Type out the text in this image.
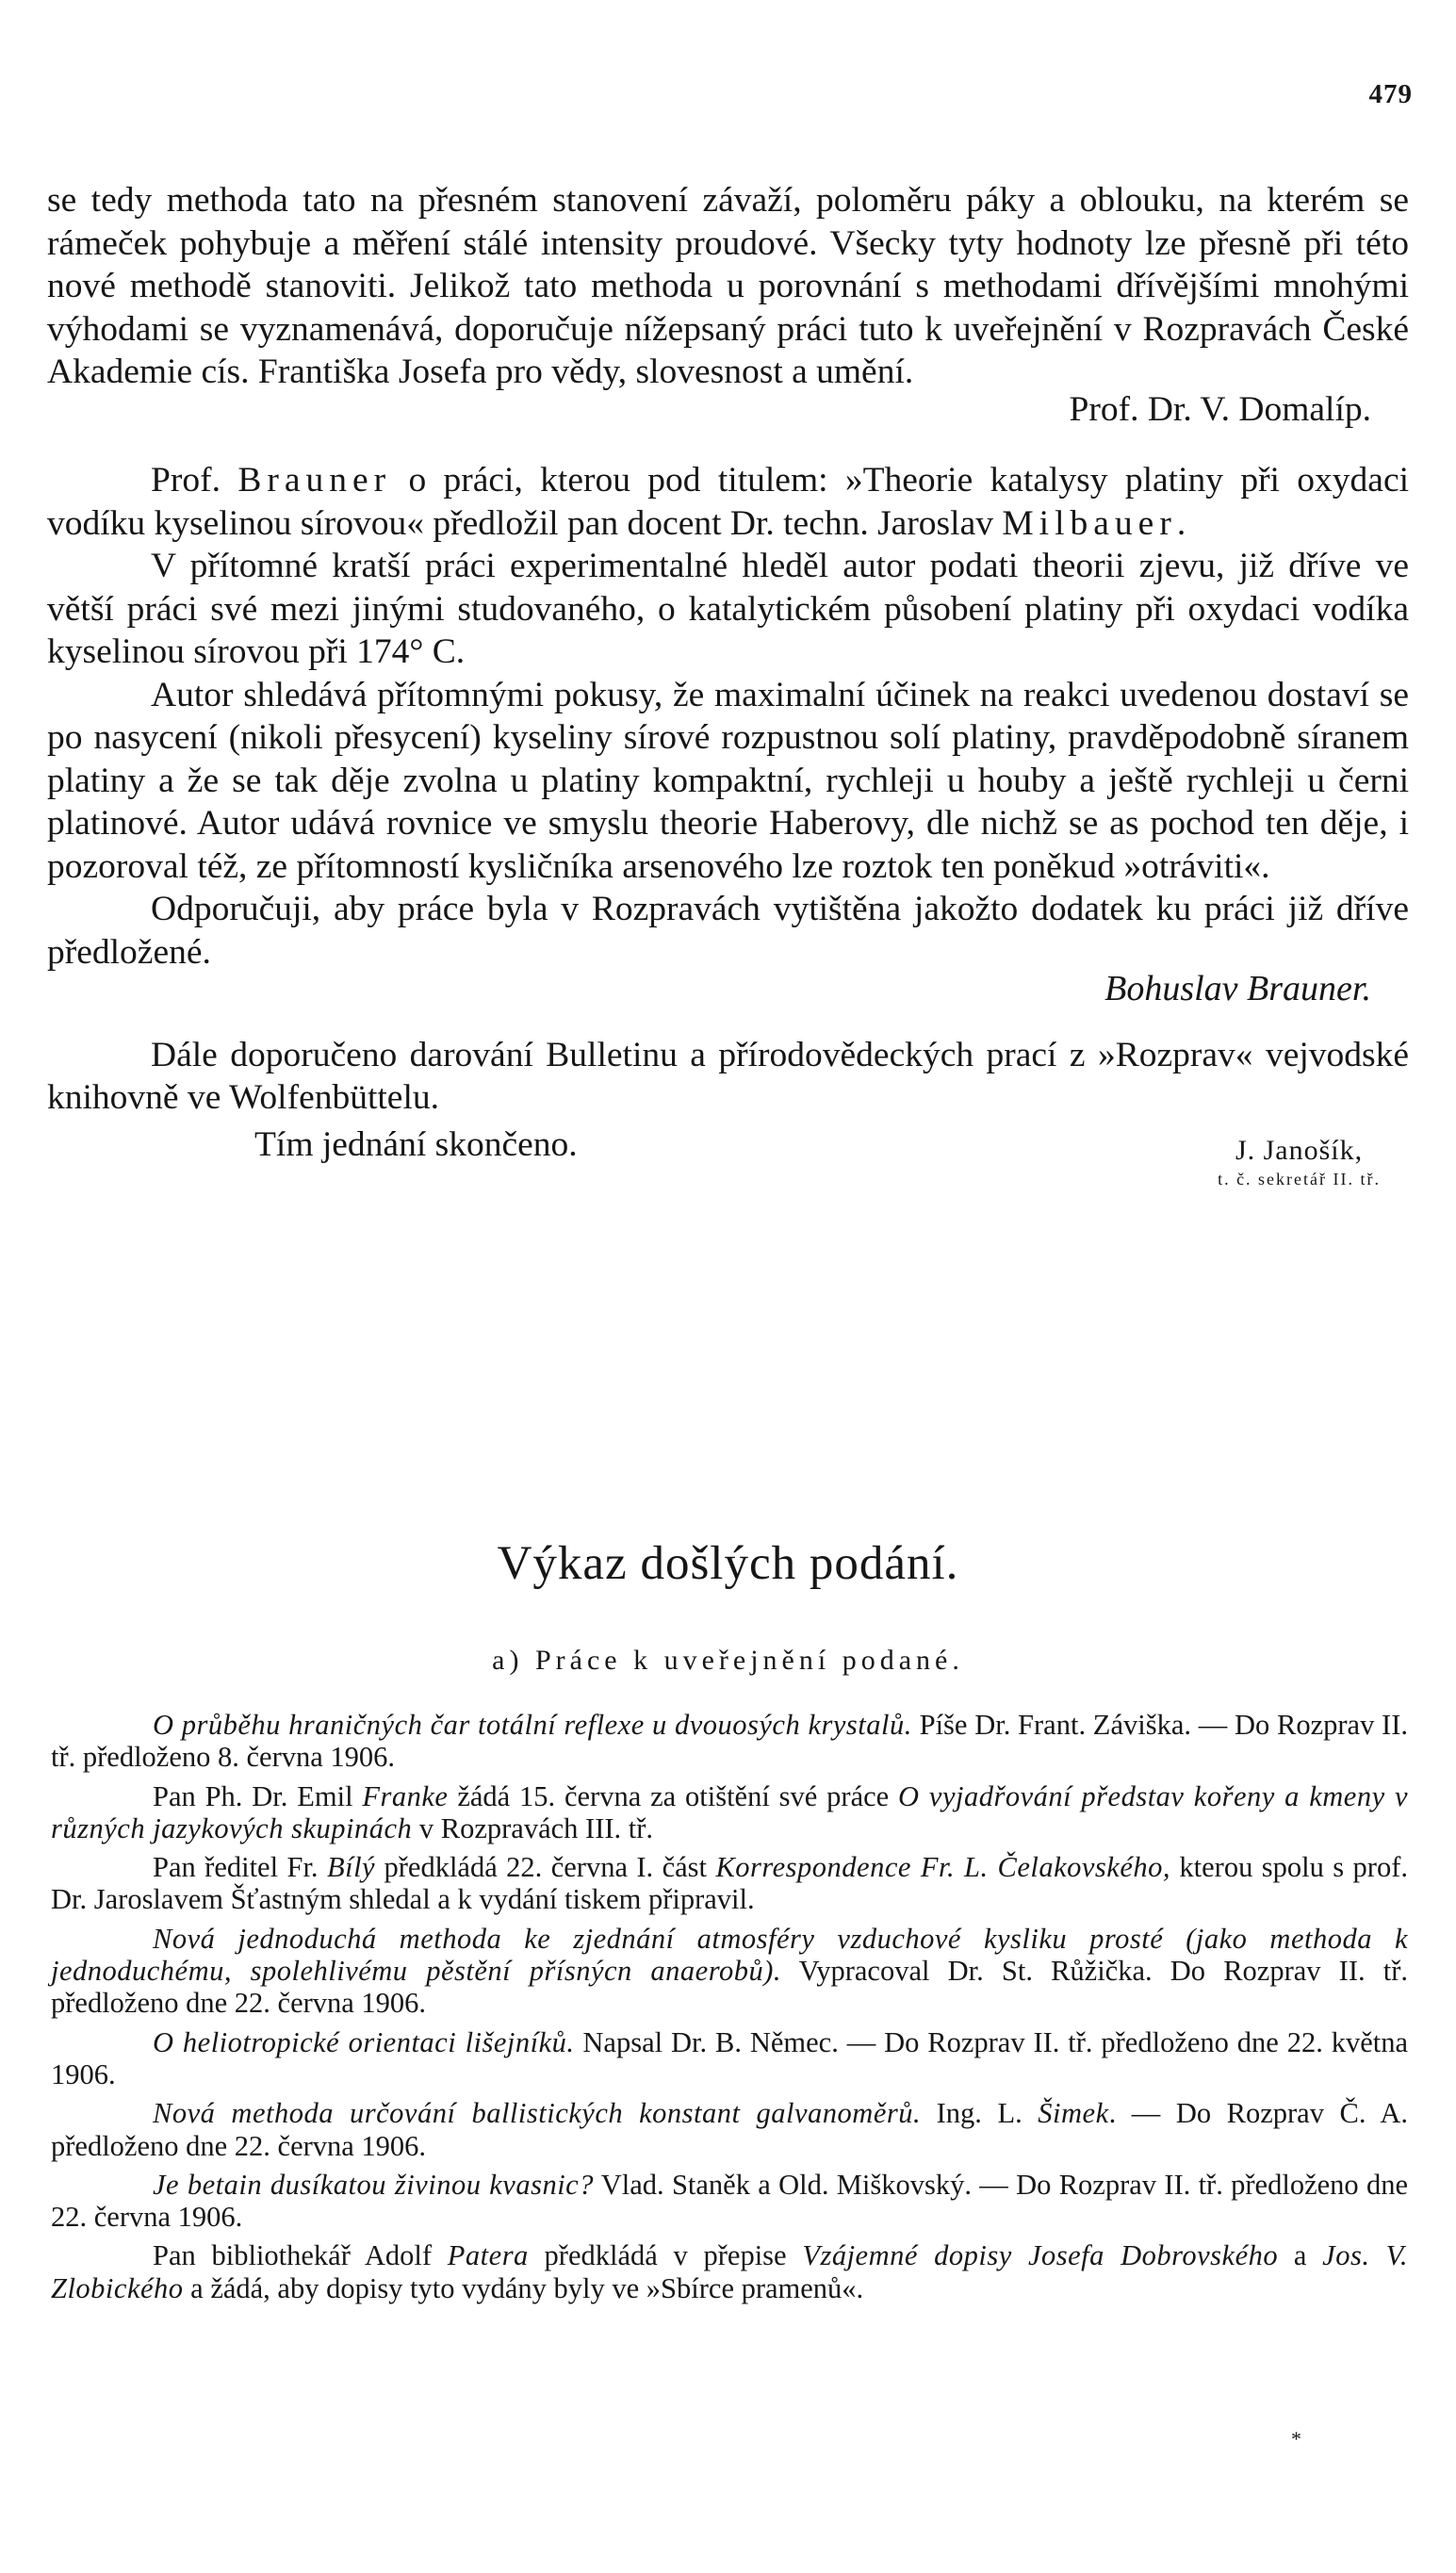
479

se tedy methoda tato na přesném stanovení závaží, poloměru páky a oblouku, na kterém se rámeček pohybuje a měření stálé intensity proudové. Všecky tyty hodnoty lze přesně při této nové methodě stanoviti. Jelikož tato methoda u porovnání s methodami dřívějšími mnohými výhodami se vyznamenává, doporučuje nížepsaný práci tuto k uveřejnění v Rozpravách České Akademie cís. Františka Josefa pro vědy, slovesnost a umění.

Prof. Dr. V. Domalíp.

Prof. Brauner o práci, kterou pod titulem: »Theorie katalysy platiny při oxydaci vodíku kyselinou sírovou« předložil pan docent Dr. techn. Jaroslav Milbauer.

V přítomné kratší práci experimentalné hleděl autor podati theorii zjevu, již dříve ve větší práci své mezi jinými studovaného, o katalytickém působení platiny při oxydaci vodíka kyselinou sírovou při 174° C.

Autor shledává přítomnými pokusy, že maximalní účinek na reakci uvedenou dostaví se po nasycení (nikoli přesycení) kyseliny sírové rozpustnou solí platiny, pravděpodobně síranem platiny a že se tak děje zvolna u platiny kompaktní, rychleji u houby a ještě rychleji u černi platinové. Autor udává rovnice ve smyslu theorie Haberovy, dle nichž se as pochod ten děje, i pozoroval též, ze přítomností kysličníka arsenového lze roztok ten poněkud »otráviti«.

Odporučuji, aby práce byla v Rozpravách vytištěna jakožto dodatek ku práci již dříve předložené.

Bohuslav Brauner.

Dále doporučeno darování Bulletinu a přírodovědeckých prací z »Rozprav« vejvodské knihovně ve Wolfenbüttelu.

Tím jednání skončeno.	J. Janošík,
t. č. sekretář II. tř.
Výkaz došlých podání.
a) Práce k uveřejnění podané.

O průběhu hraničných čar totální reflexe u dvouosých krystalů. Píše Dr. Frant. Záviška. — Do Rozprav II. tř. předloženo 8. června 1906.

Pan Ph. Dr. Emil Franke žádá 15. června za otištění své práce O vyjadřování představ kořeny a kmeny v různých jazykových skupinách v Rozpravách III. tř.

Pan ředitel Fr. Bílý předkládá 22. června I. část Korrespondence Fr. L. Čelakovského, kterou spolu s prof. Dr. Jaroslavem Šťastným shledal a k vydání tiskem připravil.

Nová jednoduchá methoda ke zjednání atmosféry vzduchové kysliku prosté (jako methoda k jednoduchému, spolehlivému pěstění přísnýcn anaerobů). Vypracoval Dr. St. Růžička. Do Rozprav II. tř. předloženo dne 22. června 1906.

O heliotropické orientaci lišejníků. Napsal Dr. B. Němec. — Do Rozprav II. tř. předloženo dne 22. května 1906.

Nová methoda určování ballistických konstant galvanoměrů. Ing. L. Šimek. — Do Rozprav Č. A. předloženo dne 22. června 1906.

Je betain dusíkatou živinou kvasnic? Vlad. Staněk a Old. Miškovský. — Do Rozprav II. tř. předloženo dne 22. června 1906.

Pan bibliothekář Adolf Patera předkládá v přepise Vzájemné dopisy Josefa Dobrovského a Jos. V. Zlobického a žádá, aby dopisy tyto vydány byly ve »Sbírce pramenů«.

*
